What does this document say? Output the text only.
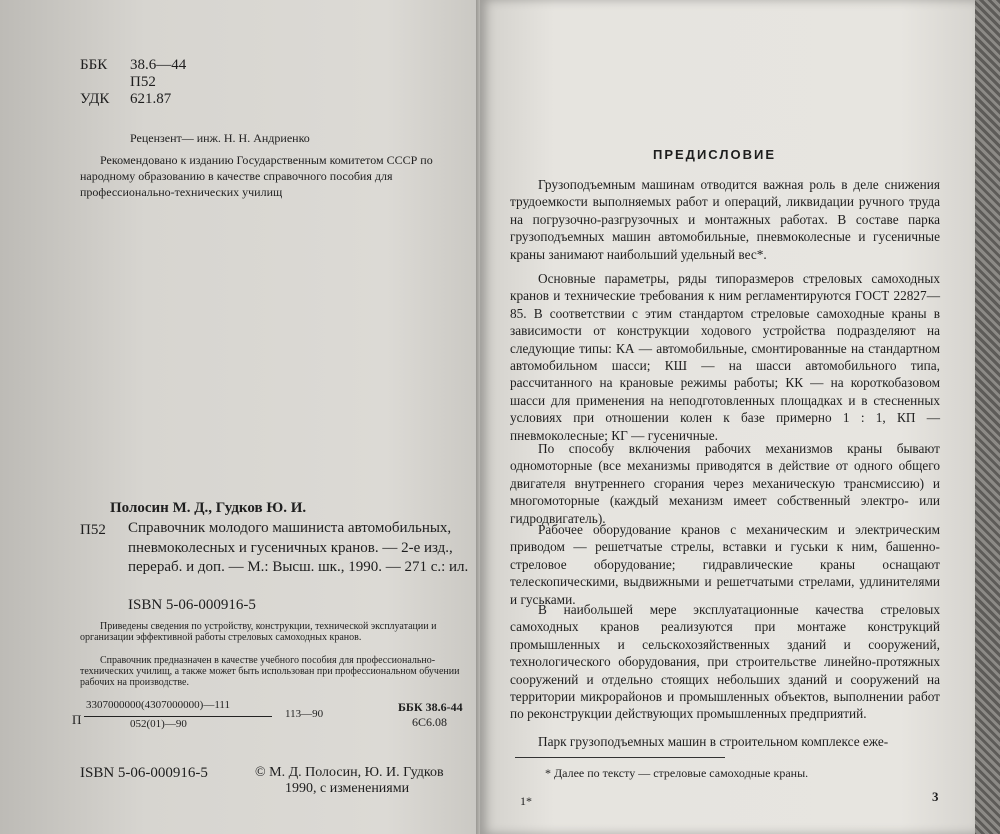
ББК 38.6—44
П52
УДК 621.87
Рецензент— инж. Н. Н. Андриенко

Рекомендовано к изданию Государственным комитетом СССР по народному образованию в качестве справочного пособия для профессионально-технических училищ

Полосин М. Д., Гудков Ю. И.
П52 Справочник молодого машиниста автомобильных, пневмоколесных и гусеничных кранов. — 2-е изд., перераб. и доп. — М.: Высш. шк., 1990. — 271 с.: ил.

ISBN 5-06-000916-5

Приведены сведения по устройству, конструкции, технической эксплуатации и организации эффективной работы стреловых самоходных кранов.

Справочник предназначен в качестве учебного пособия для профессионально-технических училищ, а также может быть использован при профессиональном обучении рабочих на производстве.

П
3307000000(4307000000)—111
052(01)—90
113—90	ББК 38.6-44
6С6.08
ISBN 5-06-000916-5	© М. Д. Полосин, Ю. И. Гудков
1990, с изменениями
ПРЕДИСЛОВИЕ

Грузоподъемным машинам отводится важная роль в деле снижения трудоемкости выполняемых работ и операций, ликвидации ручного труда на погрузочно-разгрузочных и монтажных работах. В составе парка грузоподъемных машин автомобильные, пневмоколесные и гусеничные краны занимают наибольший удельный вес*.

Основные параметры, ряды типоразмеров стреловых самоходных кранов и технические требования к ним регламентируются ГОСТ 22827—85. В соответствии с этим стандартом стреловые самоходные краны в зависимости от конструкции ходового устройства подразделяют на следующие типы: КА — автомобильные, смонтированные на стандартном автомобильном шасси; КШ — на шасси автомобильного типа, рассчитанного на крановые режимы работы; КК — на короткобазовом шасси для применения на неподготовленных площадках и в стесненных условиях при отношении колен к базе примерно 1 : 1, КП — пневмоколесные; КГ — гусеничные.

По способу включения рабочих механизмов краны бывают одномоторные (все механизмы приводятся в действие от одного общего двигателя внутреннего сгорания через механическую трансмиссию) и многомоторные (каждый механизм имеет собственный электро- или гидродвигатель).

Рабочее оборудование кранов с механическим и электрическим приводом — решетчатые стрелы, вставки и гуськи к ним, башенно-стреловое оборудование; гидравлические краны оснащают телескопическими, выдвижными и решетчатыми стрелами, удлинителями и гуськами.

В наибольшей мере эксплуатационные качества стреловых самоходных кранов реализуются при монтаже конструкций промышленных и сельскохозяйственных зданий и сооружений, технологического оборудования, при строительстве линейно-протяжных сооружений и отдельно стоящих небольших зданий и сооружений на территории микрорайонов и промышленных объектов, выполнении работ по реконструкции действующих промышленных предприятий.

Парк грузоподъемных машин в строительном комплексе еже-

* Далее по тексту — стреловые самоходные краны.
1*	3
